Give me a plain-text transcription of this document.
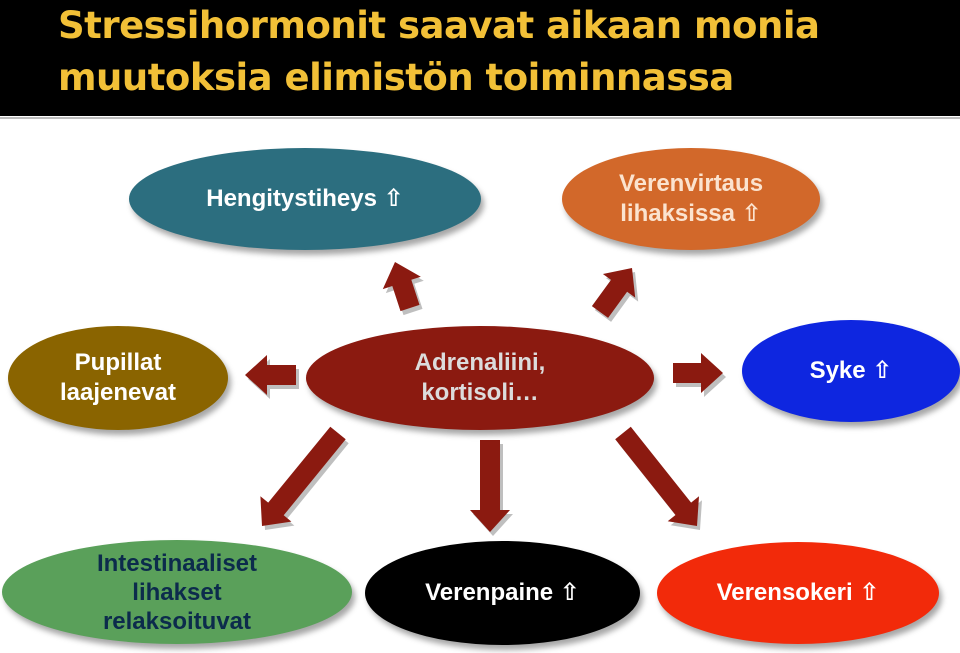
Stressihormonit saavat aikaan monia
muutoksia elimistön toiminnassa
Hengitystiheys ⇧
Verenvirtaus
lihaksissa ⇧
Pupillat
laajenevat
Adrenaliini,
kortisoli…
Syke ⇧
Intestinaaliset
lihakset
relaksoituvat
Verenpaine ⇧	Verensokeri ⇧
